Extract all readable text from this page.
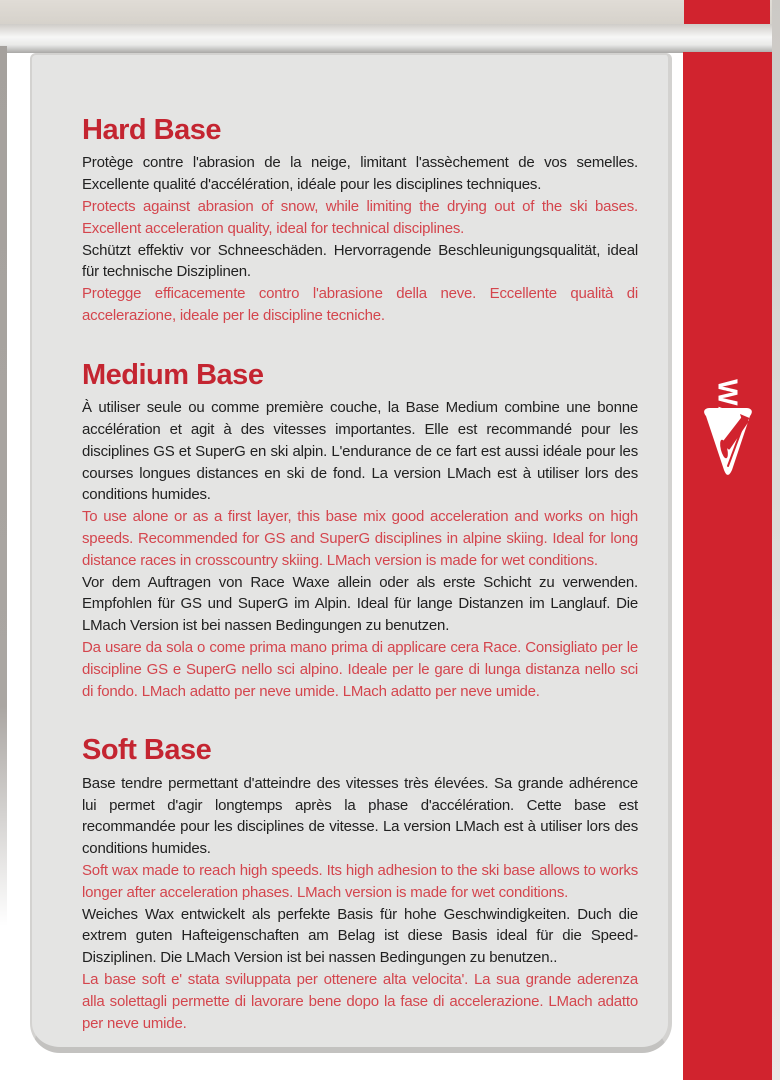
Hard Base

Protège contre l'abrasion de la neige, limitant l'assèchement de vos semelles. Excellente qualité d'accélération, idéale pour les disciplines techniques.

Protects against abrasion of snow, while limiting the drying out of the ski bases. Excellent acceleration quality, ideal for technical disciplines.

Schützt effektiv vor Schneeschäden. Hervorragende Beschleunigungsqualität, ideal für technische Disziplinen.

Protegge efficacemente contro l'abrasione della neve. Eccellente qualità di accelerazione, ideale per le discipline tecniche.

Medium Base

À utiliser seule ou comme première couche, la Base Medium combine une bonne accélération et agit à des vitesses importantes. Elle est recommandé pour les disciplines GS et SuperG en ski alpin. L'endurance de ce fart est aussi idéale pour les courses longues distances en ski de fond. La version LMach est à utiliser lors des conditions humides.

To use alone or as a first layer, this base mix good acceleration and works on high speeds. Recommended for GS and SuperG disciplines in alpine skiing. Ideal for long distance races in crosscountry skiing. LMach version is made for wet conditions.

Vor dem Auftragen von Race Waxe allein oder als erste Schicht zu verwenden. Empfohlen für GS und SuperG im Alpin. Ideal für lange Distanzen im Langlauf. Die LMach Version ist bei nassen Bedingungen zu benutzen.

Da usare da sola o come prima mano prima di applicare cera Race. Consigliato per le discipline GS e SuperG nello sci alpino. Ideale per le gare di lunga distanza nello sci di fondo. LMach adatto per neve umide. LMach adatto per neve umide.

Soft Base

Base tendre permettant d'atteindre des vitesses très élevées. Sa grande adhérence lui permet d'agir longtemps après la phase d'accélération. Cette base est recommandée pour les disciplines de vitesse. La version LMach est à utiliser lors des conditions humides.

Soft wax made to reach high speeds. Its high adhesion to the ski base allows to works longer after acceleration phases. LMach version is made for wet conditions.

Weiches Wax entwickelt als perfekte Basis für hohe Geschwindigkeiten. Duch die extrem guten Hafteigenschaften am Belag ist diese Basis ideal für die Speed-Disziplinen. Die LMach Version ist bei nassen Bedingungen zu benutzen..

La base soft e' stata sviluppata per ottenere alta velocita'. La sua grande aderenza alla solettagli permette di lavorare bene dopo la fase di accelerazione. LMach adatto per neve umide.
